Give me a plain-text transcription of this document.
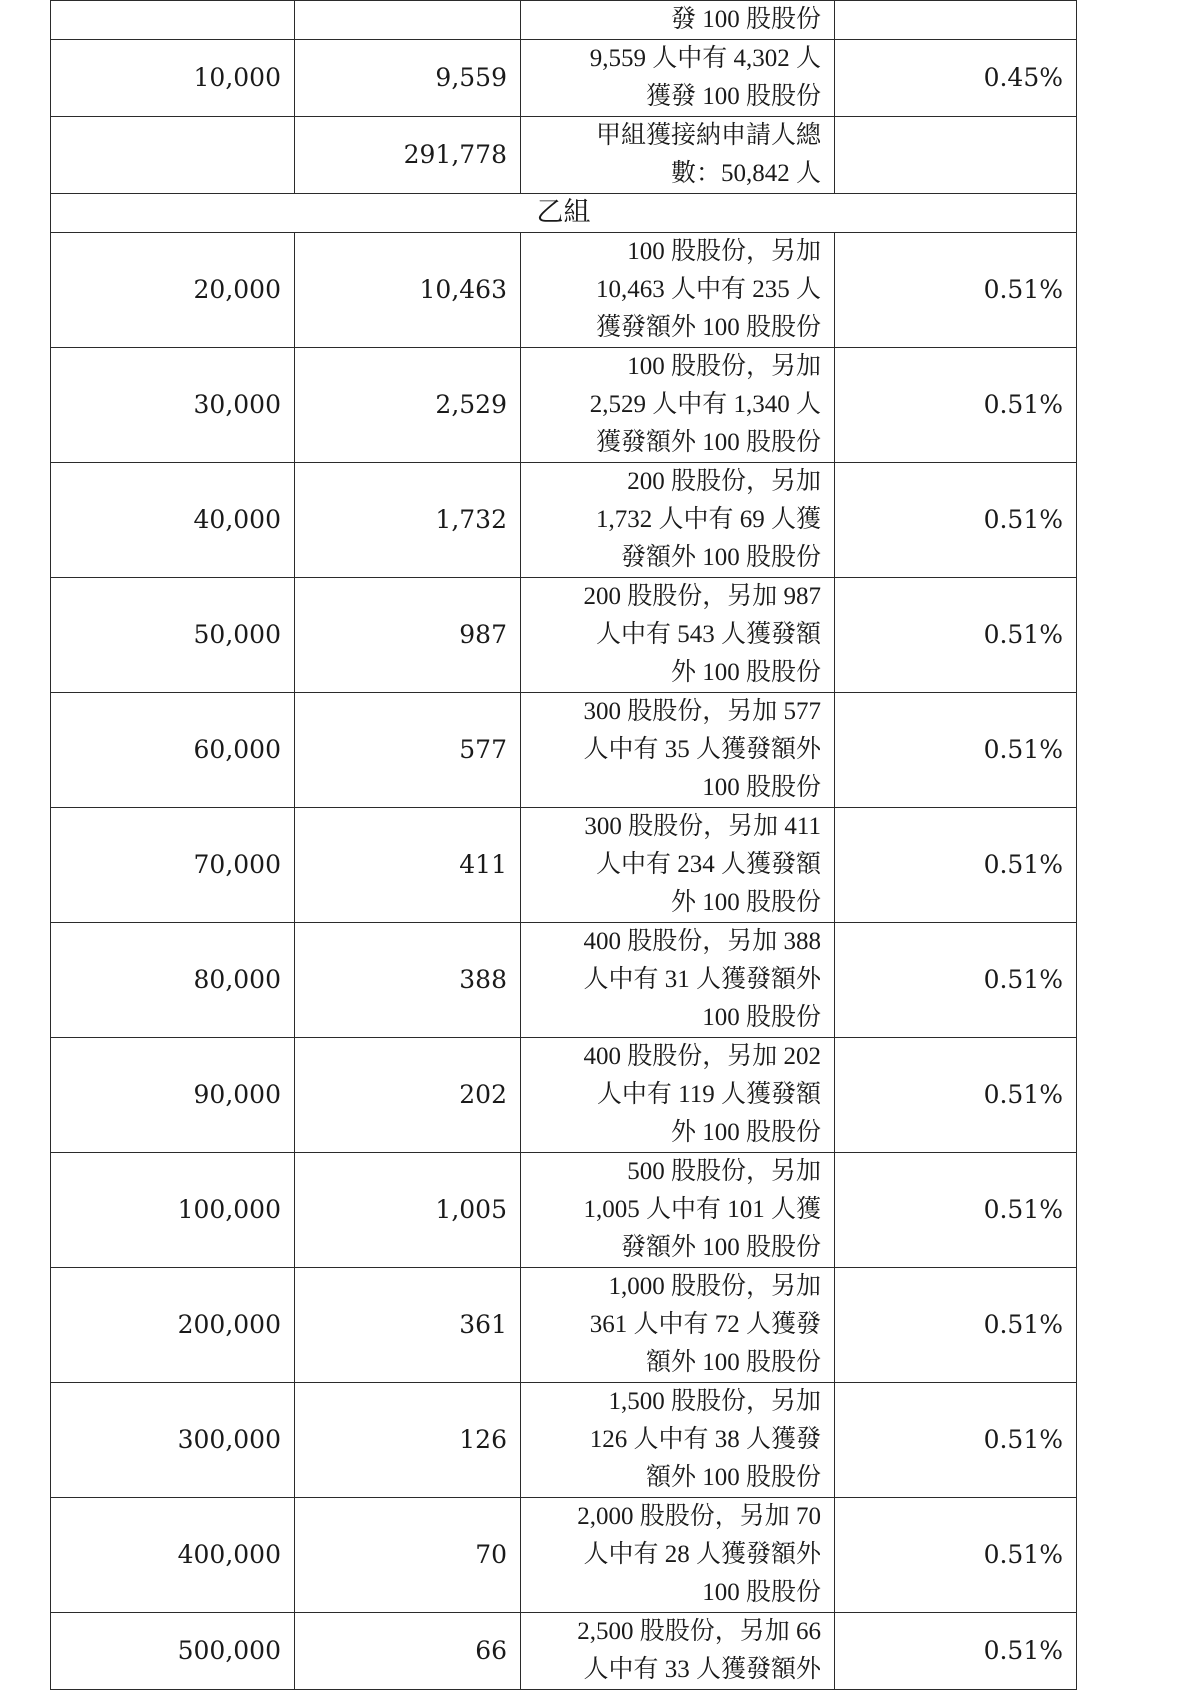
		發 100 股股份	

10,000	9,559	9,559 人中有 4,302 人
獲發 100 股股份	0.45%
	291,778	甲組獲接納申請人總
數：50,842 人	

乙組			
20,000	10,463	100 股股份，另加
10,463 人中有 235 人
獲發額外 100 股股份	0.51%
30,000	2,529	100 股股份，另加
2,529 人中有 1,340 人
獲發額外 100 股股份	0.51%
40,000	1,732	200 股股份，另加
1,732 人中有 69 人獲
發額外 100 股股份	0.51%
50,000	987	200 股股份，另加 987
人中有 543 人獲發額
外 100 股股份	0.51%
60,000	577	300 股股份，另加 577
人中有 35 人獲發額外
100 股股份	0.51%
70,000	411	300 股股份，另加 411
人中有 234 人獲發額
外 100 股股份	0.51%
80,000	388	400 股股份，另加 388
人中有 31 人獲發額外
100 股股份	0.51%
90,000	202	400 股股份，另加 202
人中有 119 人獲發額
外 100 股股份	0.51%
100,000	1,005	500 股股份，另加
1,005 人中有 101 人獲
發額外 100 股股份	0.51%
200,000	361	1,000 股股份，另加
361 人中有 72 人獲發
額外 100 股股份	0.51%
300,000	126	1,500 股股份，另加
126 人中有 38 人獲發
額外 100 股股份	0.51%
400,000	70	2,000 股股份，另加 70
人中有 28 人獲發額外
100 股股份	0.51%
500,000	66	2,500 股股份，另加 66
人中有 33 人獲發額外	0.51%
